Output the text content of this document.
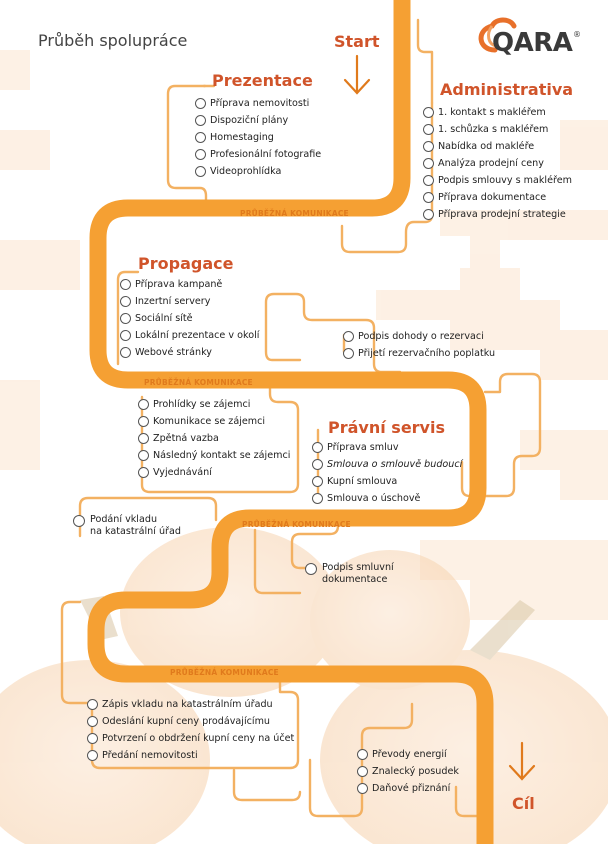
Průběh spolupráce	QARA ®
Start
Cíl
PRŮBĚŽNÁ KOMUNIKACE
PRŮBĚŽNÁ KOMUNIKACE
PRŮBĚŽNÁ KOMUNIKACE
PRŮBĚŽNÁ KOMUNIKACE
Prezentace
Příprava nemovitosti
Dispoziční plány
Homestaging
Profesionální fotografie
Videoprohlídka
Administrativa
1. kontakt s makléřem
1. schůzka s makléřem
Nabídka od makléře
Analýza prodejní ceny
Podpis smlouvy s makléřem
Příprava dokumentace
Příprava prodejní strategie
Propagace
Příprava kampaně
Inzertní servery
Sociální sítě
Lokální prezentace v okolí
Webové stránky
Podpis dohody o rezervaci
Přijetí rezervačního poplatku
Prohlídky se zájemci
Komunikace se zájemci
Zpětná vazba
Následný kontakt se zájemci
Vyjednávání
Právní servis
Příprava smluv
Smlouva o smlouvě budoucí
Kupní smlouva
Smlouva o úschově
Podání vkladu
na katastrální úřad
Podpis smluvní
dokumentace
Zápis vkladu na katastrálním úřadu
Odeslání kupní ceny prodávajícímu
Potvrzení o obdržení kupní ceny na účet
Předání nemovitosti	Převody energií
Znalecký posudek
Daňové přiznání
